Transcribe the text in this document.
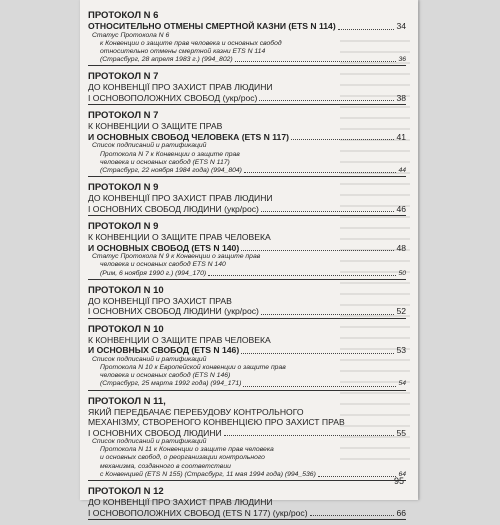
ПРОТОКОЛ N 6
ОТНОСИТЕЛЬНО ОТМЕНЫ СМЕРТНОЙ КАЗНИ (ETS N 114)	34
Статус Протокола N 6
к Конвенции о защите прав человека и основных свобод
относительно отмены смертной казни ETS N 114
(Страсбург, 28 апреля 1983 г.) (994_802)	36
ПРОТОКОЛ N 7
ДО КОНВЕНЦІЇ ПРО ЗАХИСТ ПРАВ ЛЮДИНИ
І ОСНОВОПОЛОЖНИХ СВОБОД (укр/рос)	38
ПРОТОКОЛ N 7
К КОНВЕНЦИИ О ЗАЩИТЕ ПРАВ
И ОСНОВНЫХ СВОБОД ЧЕЛОВЕКА (ETS N 117)	41
Список подписаний и ратификаций
Протокола N 7 к Конвенции о защите прав
человека и основных свобод (ETS N 117)
(Страсбург, 22 ноября 1984 года) (994_804)	44
ПРОТОКОЛ N 9
ДО КОНВЕНЦІЇ ПРО ЗАХИСТ ПРАВ ЛЮДИНИ
І ОСНОВНИХ СВОБОД ЛЮДИНИ (укр/рос)	46
ПРОТОКОЛ N 9
К КОНВЕНЦИИ О ЗАЩИТЕ ПРАВ ЧЕЛОВЕКА
И ОСНОВНЫХ СВОБОД (ETS N 140)	48
Статус Протокола N 9 к Конвенции о защите прав
человека и основных свобод ETS N 140
(Рим, 6 ноября 1990 г.) (994_170)	50
ПРОТОКОЛ N 10
ДО КОНВЕНЦІЇ ПРО ЗАХИСТ ПРАВ
І ОСНОВНИХ СВОБОД ЛЮДИНИ (укр/рос)	52
ПРОТОКОЛ N 10
К КОНВЕНЦИИ О ЗАЩИТЕ ПРАВ ЧЕЛОВЕКА
И ОСНОВНЫХ СВОБОД (ETS N 146)	53
Список подписаний и ратификаций
Протокола N 10 к Европейской конвенции о защите прав
человека и основных свобод (ETS N 146)
(Страсбург, 25 марта 1992 года) (994_171)	54
ПРОТОКОЛ N 11,
ЯКИЙ ПЕРЕДБАЧАЄ ПЕРЕБУДОВУ КОНТРОЛЬНОГО
МЕХАНІЗМУ, СТВОРЕНОГО КОНВЕНЦІЄЮ ПРО ЗАХИСТ ПРАВ
І ОСНОВНИХ СВОБОД ЛЮДИНИ	55
Список подписаний и ратификаций
Протокола N 11 к Конвенции о защите прав человека
и основных свобод, о реорганизации контрольного
механизма, созданного в соответствии
с Конвенцией (ETS N 155) (Страсбург, 11 мая 1994 года) (994_536)	64
ПРОТОКОЛ N 12
ДО КОНВЕНЦІЇ ПРО ЗАХИСТ ПРАВ ЛЮДИНИ
І ОСНОВОПОЛОЖНИХ СВОБОД (ETS N 177) (укр/рос)	66
95
